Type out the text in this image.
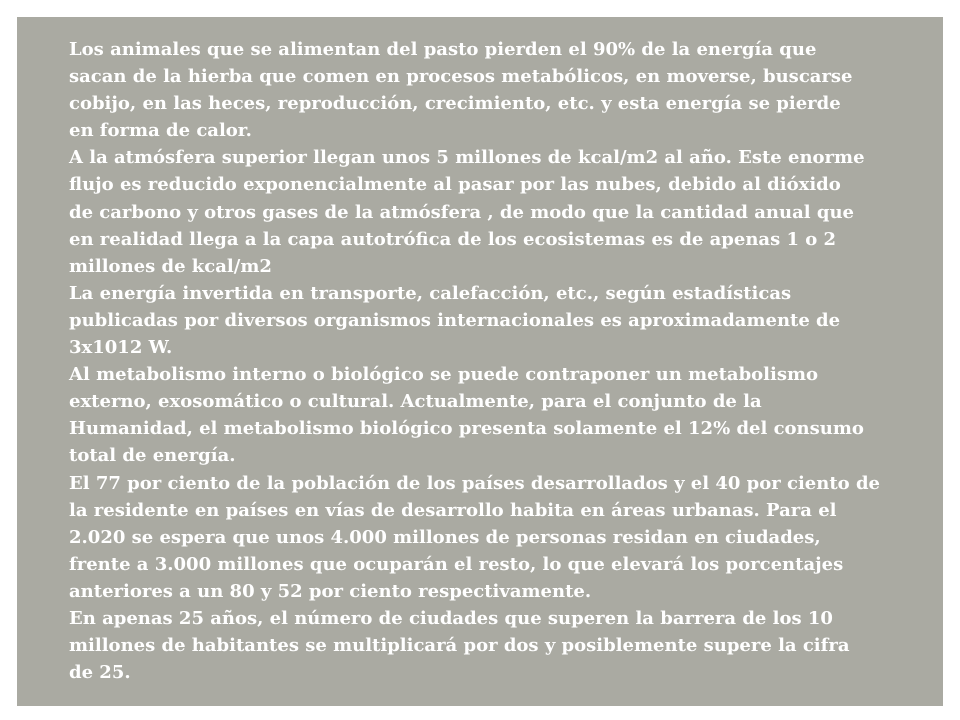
Los animales que se alimentan del pasto pierden el 90% de la energía que
sacan de la hierba que comen en procesos metabólicos, en moverse, buscarse
cobijo, en las heces, reproducción, crecimiento, etc. y esta energía se pierde
en forma de calor.
A la atmósfera superior llegan unos 5 millones de kcal/m2 al año. Este enorme
flujo es reducido exponencialmente al pasar por las nubes, debido al dióxido
de carbono y otros gases de la atmósfera , de modo que la cantidad anual que
en realidad llega a la capa autotrófica de los ecosistemas es de apenas 1 o 2
millones de kcal/m2
La energía invertida en transporte, calefacción, etc., según estadísticas
publicadas por diversos organismos internacionales es aproximadamente de
3x1012 W.
Al metabolismo interno o biológico se puede contraponer un metabolismo
externo, exosomático o cultural. Actualmente, para el conjunto de la
Humanidad, el metabolismo biológico presenta solamente el 12% del consumo
total de energía.
El 77 por ciento de la población de los países desarrollados y el 40 por ciento de
la residente en países en vías de desarrollo habita en áreas urbanas. Para el
2.020 se espera que unos 4.000 millones de personas residan en ciudades,
frente a 3.000 millones que ocuparán el resto, lo que elevará los porcentajes
anteriores a un 80 y 52 por ciento respectivamente.
En apenas 25 años, el número de ciudades que superen la barrera de los 10
millones de habitantes se multiplicará por dos y posiblemente supere la cifra
de 25.
